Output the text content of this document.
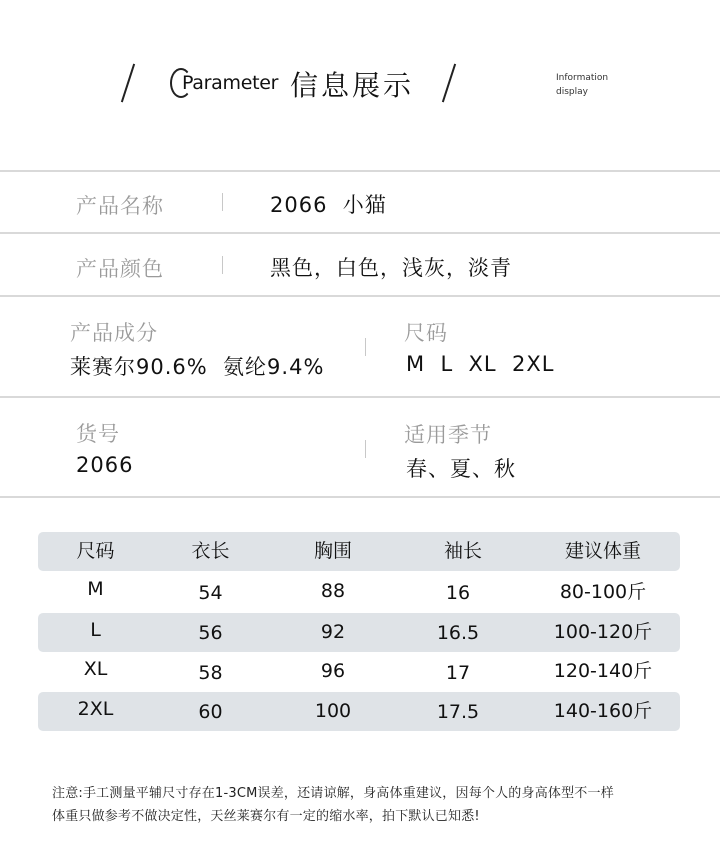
Parameter 信息展示	Information
display
产品名称	2066  小猫
产品颜色	黑色，白色，浅灰，淡青
产品成分
莱赛尔90.6%  氨纶9.4%
尺码
M  L  XL  2XL
货号
2066
适用季节
春、夏、秋
尺码	衣长	胸围	袖长	建议体重
M	54	88	16	80-100斤
L	56	92	16.5	100-120斤
XL	58	96	17	120-140斤
2XL	60	100	17.5	140-160斤
注意:手工测量平辅尺寸存在1-3CM误差，还请谅解，身高体重建议，因每个人的身高体型不一样
体重只做参考不做决定性，天丝莱赛尔有一定的缩水率，拍下默认已知悉!
